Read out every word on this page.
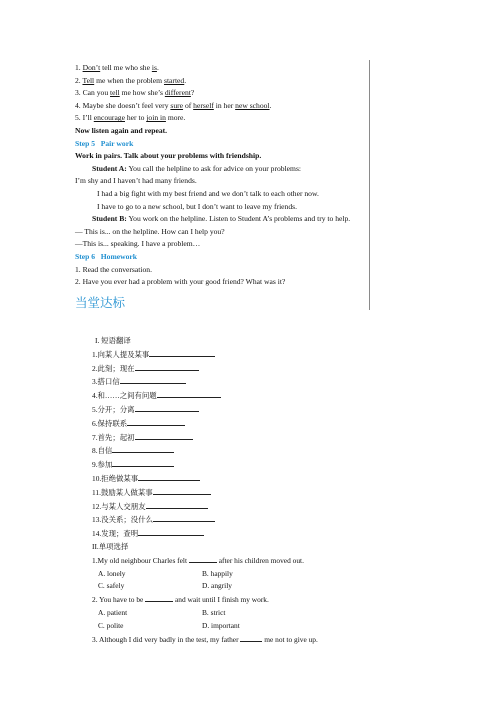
1. Don’t tell me who she is.
2. Tell me when the problem started.
3. Can you tell me how she’s different?
4. Maybe she doesn’t feel very sure of herself in her new school.
5. I’ll encourage her to join in more.
Now listen again and repeat.
Step 5 Pair work
Work in pairs. Talk about your problems with friendship.
Student A: You call the helpline to ask for advice on your problems:
I’m shy and I haven’t had many friends.
I had a big fight with my best friend and we don’t talk to each other now.
I have to go to a new school, but I don’t want to leave my friends.
Student B: You work on the helpline. Listen to Student A’s problems and try to help.
— This is... on the helpline. How can I help you?
—This is... speaking. I have a problem…
Step 6 Homework
1. Read the conversation.
2. Have you ever had a problem with your good friend? What was it?
当堂达标
I. 短语翻译
1.向某人提及某事
2.此刻；现在
3.搭口信
4.和……之间有问题
5.分开；分离
6.保持联系
7.首先；起初
8.自信
9.参加
10.拒绝做某事
11.鼓励某人做某事
12.与某人交朋友
13.没关系；没什么
14.发现；查明
II.单项选择
1.My old neighbour Charles felt	after his children moved out.
A. lonely	B. happily
C. safely	D. angrily
2. You have to be	and wait until I finish my work.
A. patient	B. strict
C. polite	D. important
3. Although I did very badly in the test, my father	me not to give up.
